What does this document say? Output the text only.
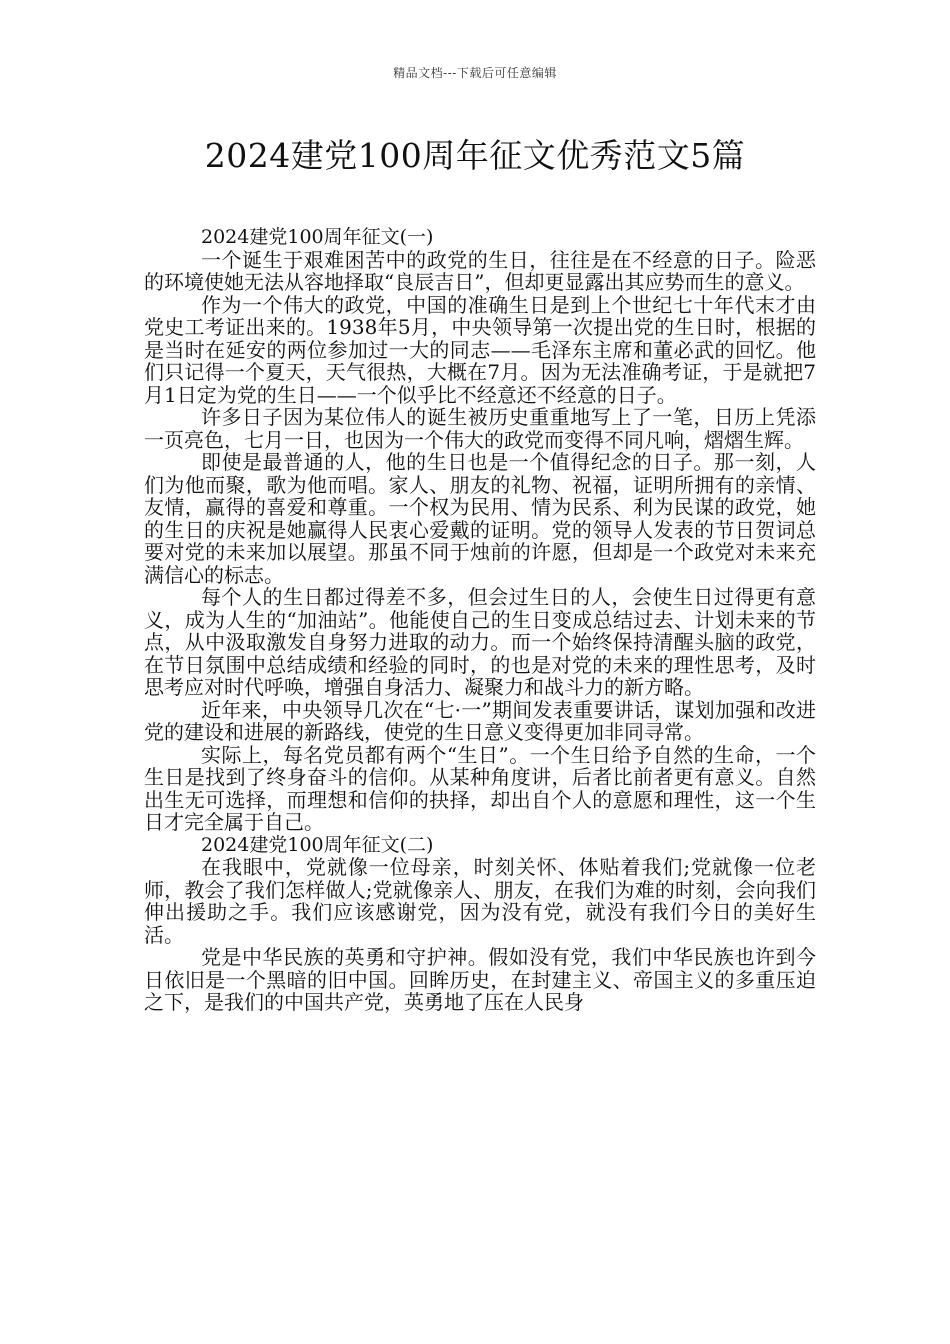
精品文档---下载后可任意编辑
2024建党100周年征文优秀范文5篇
2024建党100周年征文(一)

一个诞生于艰难困苦中的政党的生日，往往是在不经意的日子。险恶的环境使她无法从容地择取“良辰吉日”，但却更显露出其应势而生的意义。

作为一个伟大的政党，中国的准确生日是到上个世纪七十年代末才由党史工考证出来的。1938年5月，中央领导第一次提出党的生日时，根据的是当时在延安的两位参加过一大的同志——毛泽东主席和董必武的回忆。他们只记得一个夏天，天气很热，大概在7月。因为无法准确考证，于是就把7月1日定为党的生日——一个似乎比不经意还不经意的日子。

许多日子因为某位伟人的诞生被历史重重地写上了一笔，日历上凭添一页亮色，七月一日，也因为一个伟大的政党而变得不同凡响，熠熠生辉。

即使是最普通的人，他的生日也是一个值得纪念的日子。那一刻，人们为他而聚，歌为他而唱。家人、朋友的礼物、祝福，证明所拥有的亲情、友情，赢得的喜爱和尊重。一个权为民用、情为民系、利为民谋的政党，她的生日的庆祝是她赢得人民衷心爱戴的证明。党的领导人发表的节日贺词总要对党的未来加以展望。那虽不同于烛前的许愿，但却是一个政党对未来充满信心的标志。

每个人的生日都过得差不多，但会过生日的人，会使生日过得更有意义，成为人生的“加油站”。他能使自己的生日变成总结过去、计划未来的节点，从中汲取激发自身努力进取的动力。而一个始终保持清醒头脑的政党，在节日氛围中总结成绩和经验的同时，的也是对党的未来的理性思考，及时思考应对时代呼唤，增强自身活力、凝聚力和战斗力的新方略。

近年来，中央领导几次在“七·一”期间发表重要讲话，谋划加强和改进党的建设和进展的新路线，使党的生日意义变得更加非同寻常。

实际上，每名党员都有两个“生日”。一个生日给予自然的生命，一个生日是找到了终身奋斗的信仰。从某种角度讲，后者比前者更有意义。自然出生无可选择，而理想和信仰的抉择，却出自个人的意愿和理性，这一个生日才完全属于自己。

2024建党100周年征文(二)

在我眼中，党就像一位母亲，时刻关怀、体贴着我们;党就像一位老师，教会了我们怎样做人;党就像亲人、朋友，在我们为难的时刻，会向我们伸出援助之手。我们应该感谢党，因为没有党，就没有我们今日的美好生活。

党是中华民族的英勇和守护神。假如没有党，我们中华民族也许到今日依旧是一个黑暗的旧中国。回眸历史，在封建主义、帝国主义的多重压迫之下，是我们的中国共产党，英勇地了压在人民身
